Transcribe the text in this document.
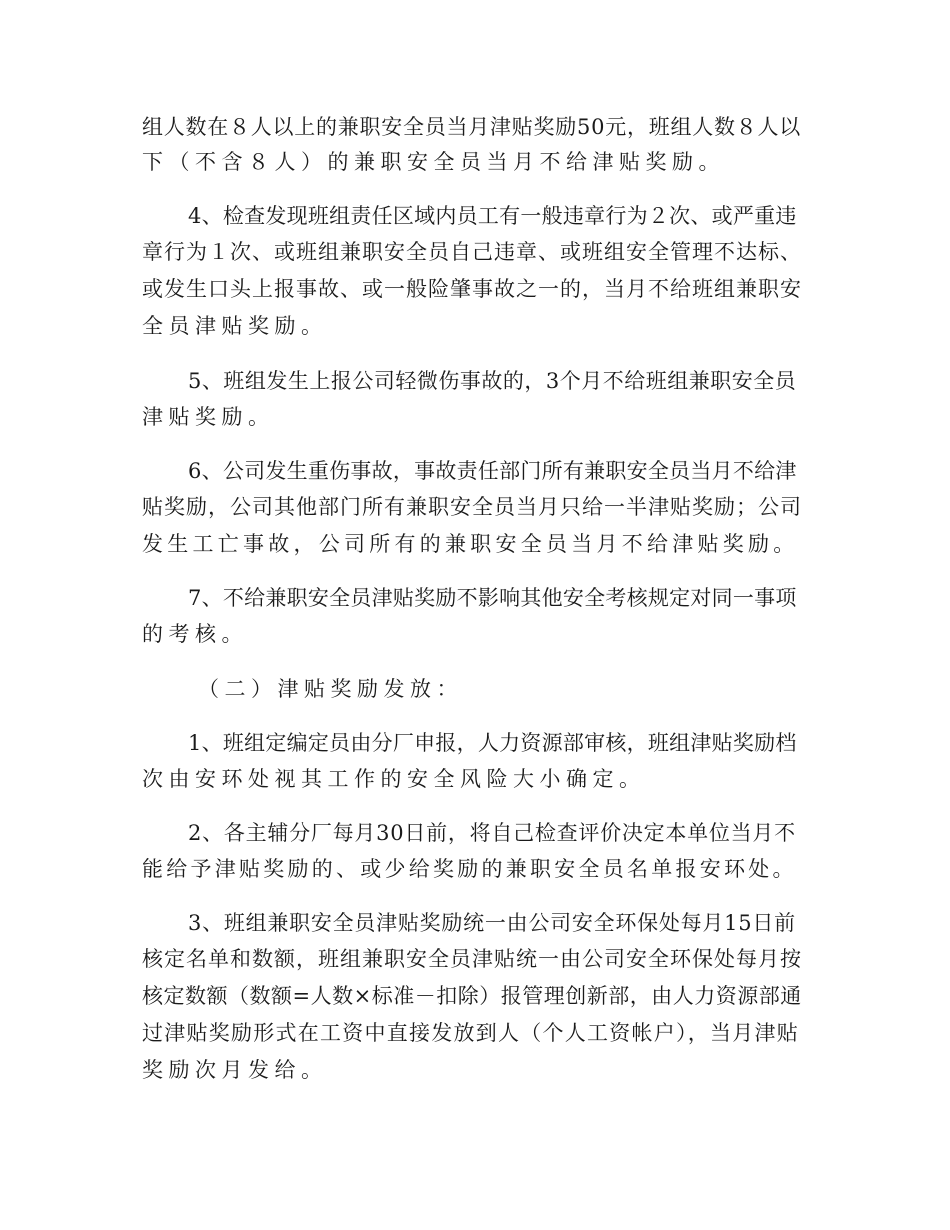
组人数在８人以上的兼职安全员当月津贴奖励50元，班组人数８人以
下（不含８人）的兼职安全员当月不给津贴奖励。
4、检查发现班组责任区域内员工有一般违章行为２次、或严重违
章行为１次、或班组兼职安全员自己违章、或班组安全管理不达标、
或发生口头上报事故、或一般险肇事故之一的，当月不给班组兼职安
全员津贴奖励。
5、班组发生上报公司轻微伤事故的，3个月不给班组兼职安全员
津贴奖励。
6、公司发生重伤事故，事故责任部门所有兼职安全员当月不给津
贴奖励，公司其他部门所有兼职安全员当月只给一半津贴奖励；公司
发生工亡事故，公司所有的兼职安全员当月不给津贴奖励。
7、不给兼职安全员津贴奖励不影响其他安全考核规定对同一事项
的考核。
（二）津贴奖励发放：
1、班组定编定员由分厂申报，人力资源部审核，班组津贴奖励档
次由安环处视其工作的安全风险大小确定。
2、各主辅分厂每月30日前，将自己检查评价决定本单位当月不
能给予津贴奖励的、或少给奖励的兼职安全员名单报安环处。
3、班组兼职安全员津贴奖励统一由公司安全环保处每月15日前
核定名单和数额，班组兼职安全员津贴统一由公司安全环保处每月按
核定数额（数额=人数×标准－扣除）报管理创新部，由人力资源部通
过津贴奖励形式在工资中直接发放到人（个人工资帐户），当月津贴
奖励次月发给。
